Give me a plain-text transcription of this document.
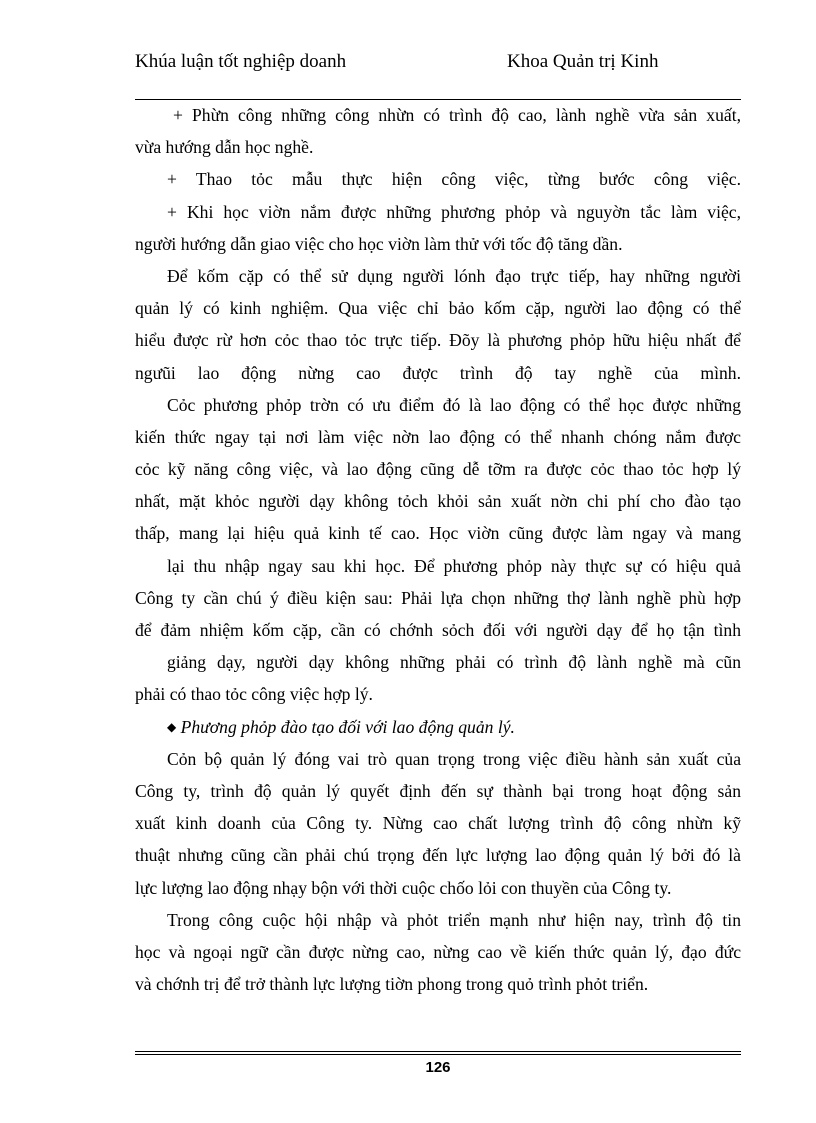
Khúa luận tốt nghiệp doanh	Khoa Quản trị Kinh
+ Phừn công những công nhừn có trình độ cao, lành nghề vừa sản xuất,
vừa hướng dẫn học nghề.
+ Thao tỏc mẫu thực hiện công việc, từng bước công việc.
+ Khi học viờn nắm được những phương phỏp và nguyờn tắc làm việc,
người hướng dẫn giao việc cho học viờn làm thử với tốc độ tăng dần.
Để kốm cặp có thể sử dụng người lónh đạo trực tiếp, hay những người
quản lý có kinh nghiệm. Qua việc chỉ bảo kốm cặp, người lao động có thể
hiểu được rừ hơn cỏc thao tỏc trực tiếp. Đõy là phương phỏp hữu hiệu nhất để
ngưũi lao động nừng cao được trình độ tay nghề của mình.
Cỏc phương phỏp trờn có ưu điểm đó là lao động có thể học được những
kiến thức ngay tại nơi làm việc nờn lao động có thể nhanh chóng nắm được
cỏc kỹ năng công việc, và lao động cũng dễ tỡm ra được cỏc thao tỏc hợp lý
nhất, mặt khỏc người dạy không tỏch khỏi sản xuất nờn chi phí cho đào tạo
thấp, mang lại hiệu quả kinh tế cao. Học viờn cũng được làm ngay và mang
lại thu nhập ngay sau khi học. Để phương phỏp này thực sự có hiệu quả
Công ty cần chú ý điều kiện sau: Phải lựa chọn những thợ lành nghề phù hợp
để đảm nhiệm kốm cặp, cần có chớnh sỏch đối với người dạy để họ tận tình
giảng dạy, người dạy không những phải có trình độ lành nghề mà cũn
phải có thao tỏc công việc hợp lý.
◆ Phương phỏp đào tạo đối với lao động quản lý.
Cỏn bộ quản lý đóng vai trò quan trọng trong việc điều hành sản xuất của
Công ty, trình độ quản lý quyết định đến sự thành bại trong hoạt động sản
xuất kinh doanh của Công ty. Nừng cao chất lượng trình độ công nhừn kỹ
thuật nhưng cũng cần phải chú trọng đến lực lượng lao động quản lý bởi đó là
lực lượng lao động nhạy bộn với thời cuộc chốo lỏi con thuyền của Công ty.
Trong công cuộc hội nhập và phỏt triển mạnh như hiện nay, trình độ tin
học và ngoại ngữ cần được nừng cao, nừng cao về kiến thức quản lý, đạo đức
và chớnh trị để trở thành lực lượng tiờn phong trong quỏ trình phỏt triển.
126
